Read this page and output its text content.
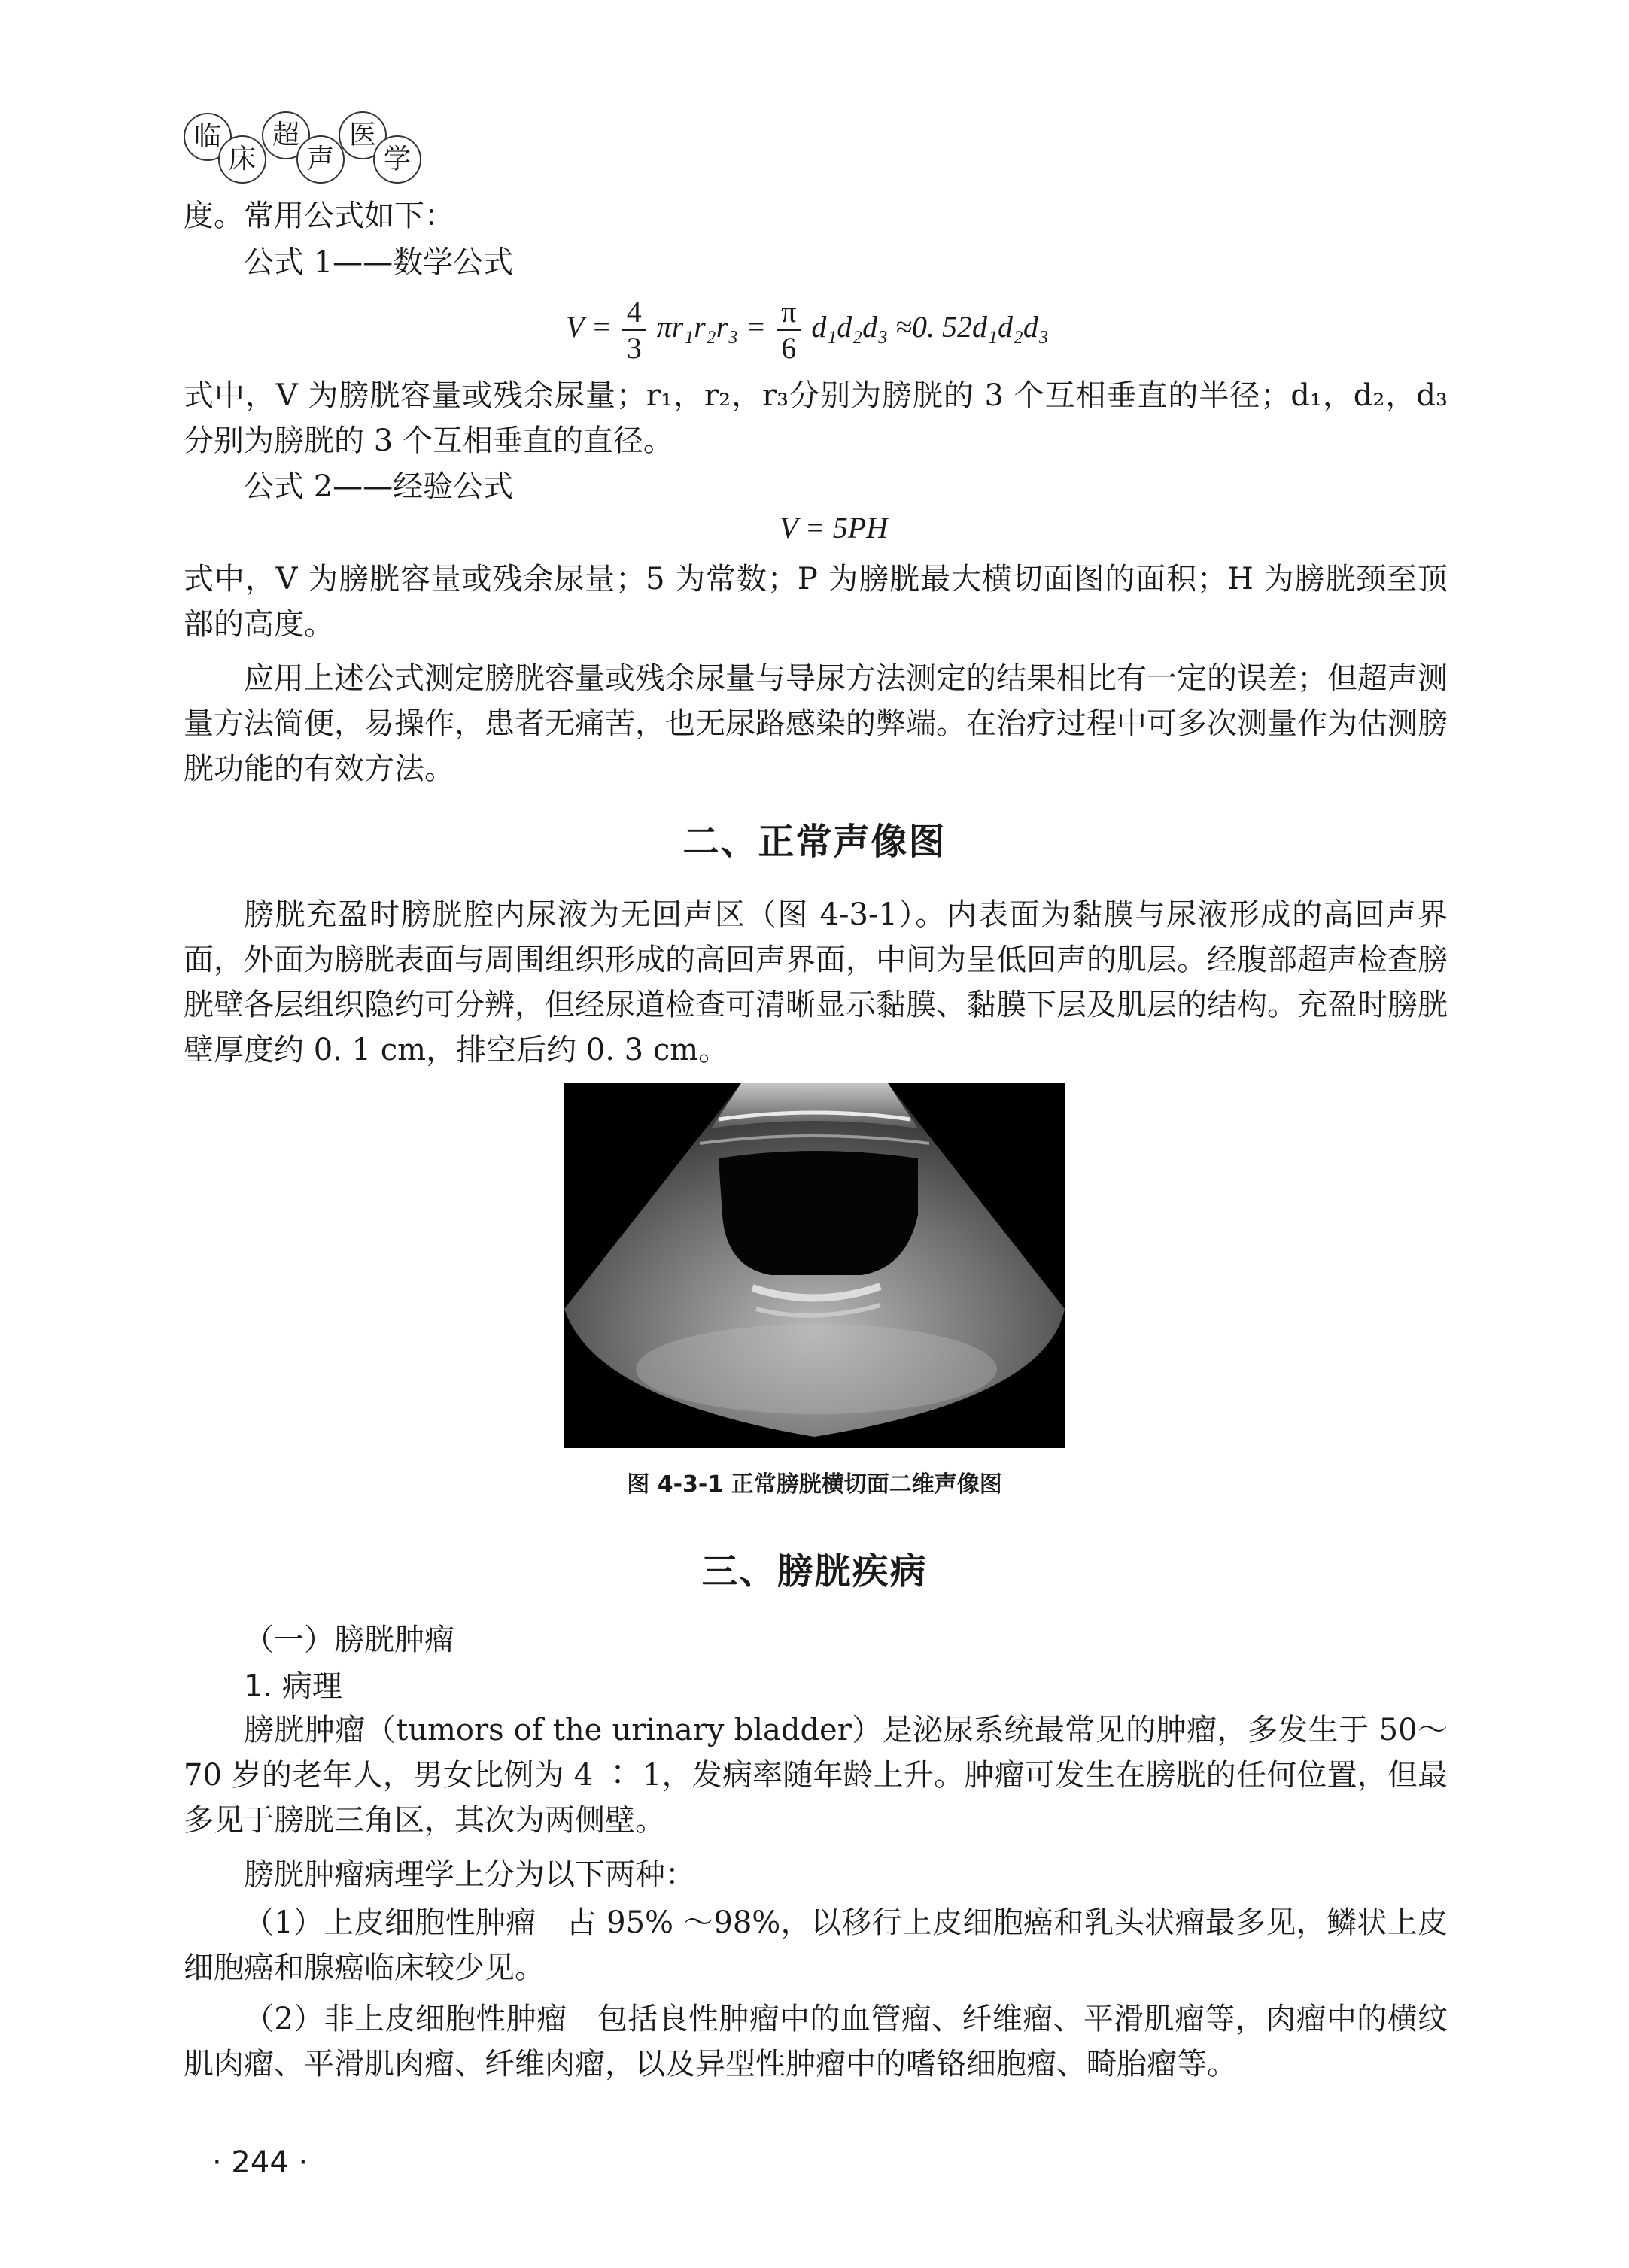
临
床
超
声
医
学
度。常用公式如下：
公式 1——数学公式
$V = \frac{4}{3} \pi r_1r_2r_3 = \frac{\pi}{6} d_1d_2d_3 \approx 0$. 52d₁d₂d₃
式中，V 为膀胱容量或残余尿量；r₁，r₂，r₃分别为膀胱的 3 个互相垂直的半径；d₁，d₂，d₃分别为膀胱的 3 个互相垂直的直径。
公式 2——经验公式
V = 5PH
式中，V 为膀胱容量或残余尿量；5 为常数；P 为膀胱最大横切面图的面积；H 为膀胱颈至顶部的高度。
应用上述公式测定膀胱容量或残余尿量与导尿方法测定的结果相比有一定的误差；但超声测量方法简便，易操作，患者无痛苦，也无尿路感染的弊端。在治疗过程中可多次测量作为估测膀胱功能的有效方法。
二、正常声像图
膀胱充盈时膀胱腔内尿液为无回声区（图 4-3-1）。内表面为黏膜与尿液形成的高回声界面，外面为膀胱表面与周围组织形成的高回声界面，中间为呈低回声的肌层。经腹部超声检查膀胱壁各层组织隐约可分辨，但经尿道检查可清晰显示黏膜、黏膜下层及肌层的结构。充盈时膀胱壁厚度约 0. 1 cm，排空后约 0. 3 cm。
图 4-3-1 正常膀胱横切面二维声像图
三、膀胱疾病
（一）膀胱肿瘤
1. 病理
膀胱肿瘤（tumors of the urinary bladder）是泌尿系统最常见的肿瘤，多发生于 50～70 岁的老年人，男女比例为 4 ∶ 1，发病率随年龄上升。肿瘤可发生在膀胱的任何位置，但最多见于膀胱三角区，其次为两侧壁。
膀胱肿瘤病理学上分为以下两种：
（1）上皮细胞性肿瘤 占 95% ～98%，以移行上皮细胞癌和乳头状瘤最多见，鳞状上皮细胞癌和腺癌临床较少见。
（2）非上皮细胞性肿瘤 包括良性肿瘤中的血管瘤、纤维瘤、平滑肌瘤等，肉瘤中的横纹肌肉瘤、平滑肌肉瘤、纤维肉瘤，以及异型性肿瘤中的嗜铬细胞瘤、畸胎瘤等。
· 244 ·
